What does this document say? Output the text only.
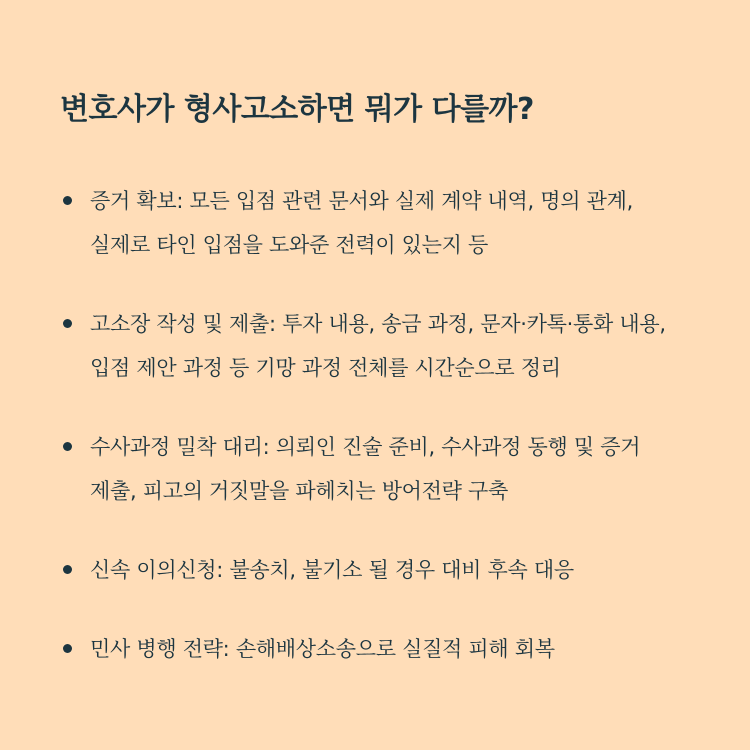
변호사가 형사고소하면 뭐가 다를까?
증거 확보: 모든 입점 관련 문서와 실제 계약 내역, 명의 관계, 실제로 타인 입점을 도와준 전력이 있는지 등
고소장 작성 및 제출: 투자 내용, 송금 과정, 문자·카톡·통화 내용, 입점 제안 과정 등 기망 과정 전체를 시간순으로 정리
수사과정 밀착 대리: 의뢰인 진술 준비, 수사과정 동행 및 증거 제출, 피고의 거짓말을 파헤치는 방어전략 구축
신속 이의신청: 불송치, 불기소 될 경우 대비 후속 대응
민사 병행 전략: 손해배상소송으로 실질적 피해 회복
